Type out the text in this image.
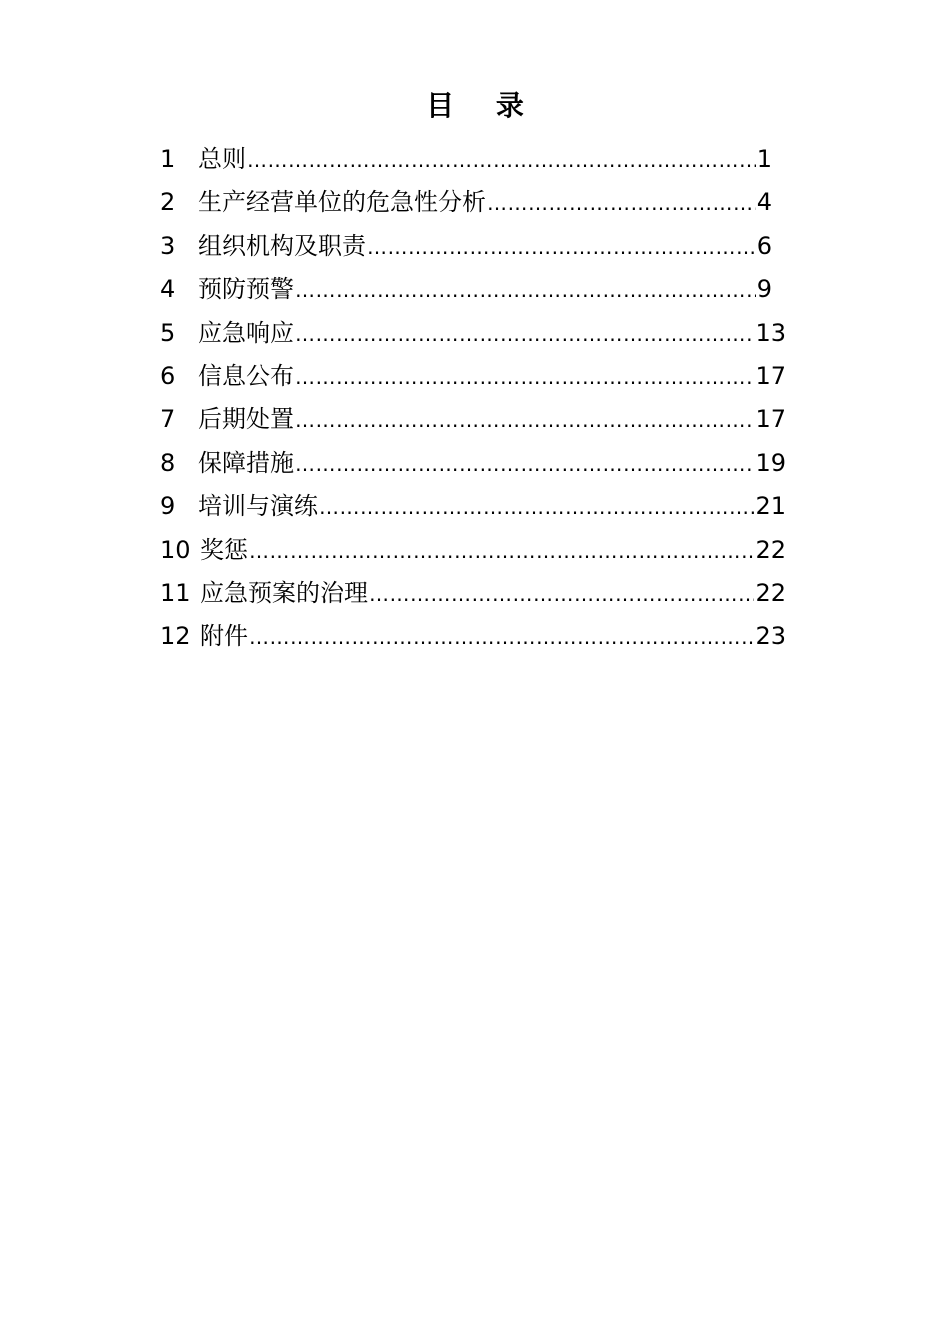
目 录
1 总则 ………………………………………………………………………………………………………………………………………………………………………………………………………………………………	1
2 生产经营单位的危急性分析 ………………………………………………………………………………………………………………………………………………………………………………………………………………………………	4
3 组织机构及职责 ………………………………………………………………………………………………………………………………………………………………………………………………………………………………	6
4 预防预警 ………………………………………………………………………………………………………………………………………………………………………………………………………………………………	9
5 应急响应 ………………………………………………………………………………………………………………………………………………………………………………………………………………………………	13
6 信息公布 ………………………………………………………………………………………………………………………………………………………………………………………………………………………………	17
7 后期处置 ………………………………………………………………………………………………………………………………………………………………………………………………………………………………	17
8 保障措施 ………………………………………………………………………………………………………………………………………………………………………………………………………………………………	19
9 培训与演练 ………………………………………………………………………………………………………………………………………………………………………………………………………………………………	21
10 奖惩 ………………………………………………………………………………………………………………………………………………………………………………………………………………………………	22
11 应急预案的治理 ………………………………………………………………………………………………………………………………………………………………………………………………………………………………	22
12 附件 ………………………………………………………………………………………………………………………………………………………………………………………………………………………………	23
